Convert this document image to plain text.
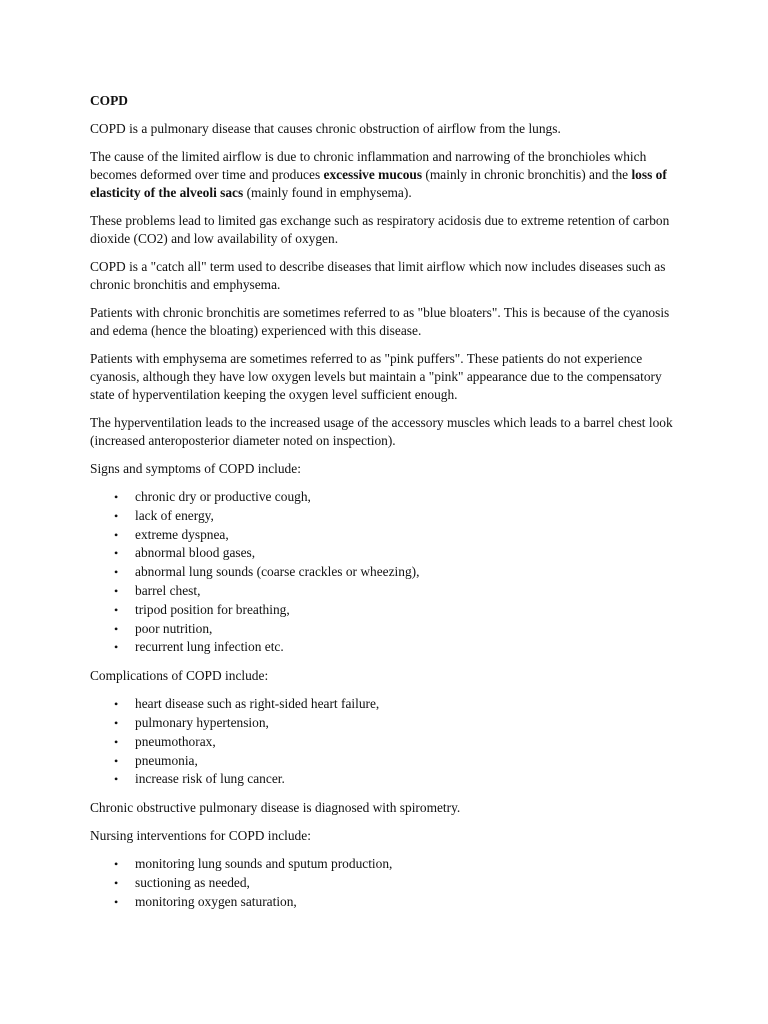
COPD

COPD is a pulmonary disease that causes chronic obstruction of airflow from the lungs.

The cause of the limited airflow is due to chronic inflammation and narrowing of the bronchioles which becomes deformed over time and produces excessive mucous (mainly in chronic bronchitis) and the loss of elasticity of the alveoli sacs (mainly found in emphysema).

These problems lead to limited gas exchange such as respiratory acidosis due to extreme retention of carbon dioxide (CO2) and low availability of oxygen.

COPD is a "catch all" term used to describe diseases that limit airflow which now includes diseases such as chronic bronchitis and emphysema.

Patients with chronic bronchitis are sometimes referred to as "blue bloaters". This is because of the cyanosis and edema (hence the bloating) experienced with this disease.

Patients with emphysema are sometimes referred to as "pink puffers". These patients do not experience cyanosis, although they have low oxygen levels but maintain a "pink" appearance due to the compensatory state of hyperventilation keeping the oxygen level sufficient enough.

The hyperventilation leads to the increased usage of the accessory muscles which leads to a barrel chest look (increased anteroposterior diameter noted on inspection).

Signs and symptoms of COPD include:

• chronic dry or productive cough,
• lack of energy,
• extreme dyspnea,
• abnormal blood gases,
• abnormal lung sounds (coarse crackles or wheezing),
• barrel chest,
• tripod position for breathing,
• poor nutrition,
• recurrent lung infection etc.

Complications of COPD include:

• heart disease such as right-sided heart failure,
• pulmonary hypertension,
• pneumothorax,
• pneumonia,
• increase risk of lung cancer.

Chronic obstructive pulmonary disease is diagnosed with spirometry.

Nursing interventions for COPD include:

• monitoring lung sounds and sputum production,
• suctioning as needed,
• monitoring oxygen saturation,
